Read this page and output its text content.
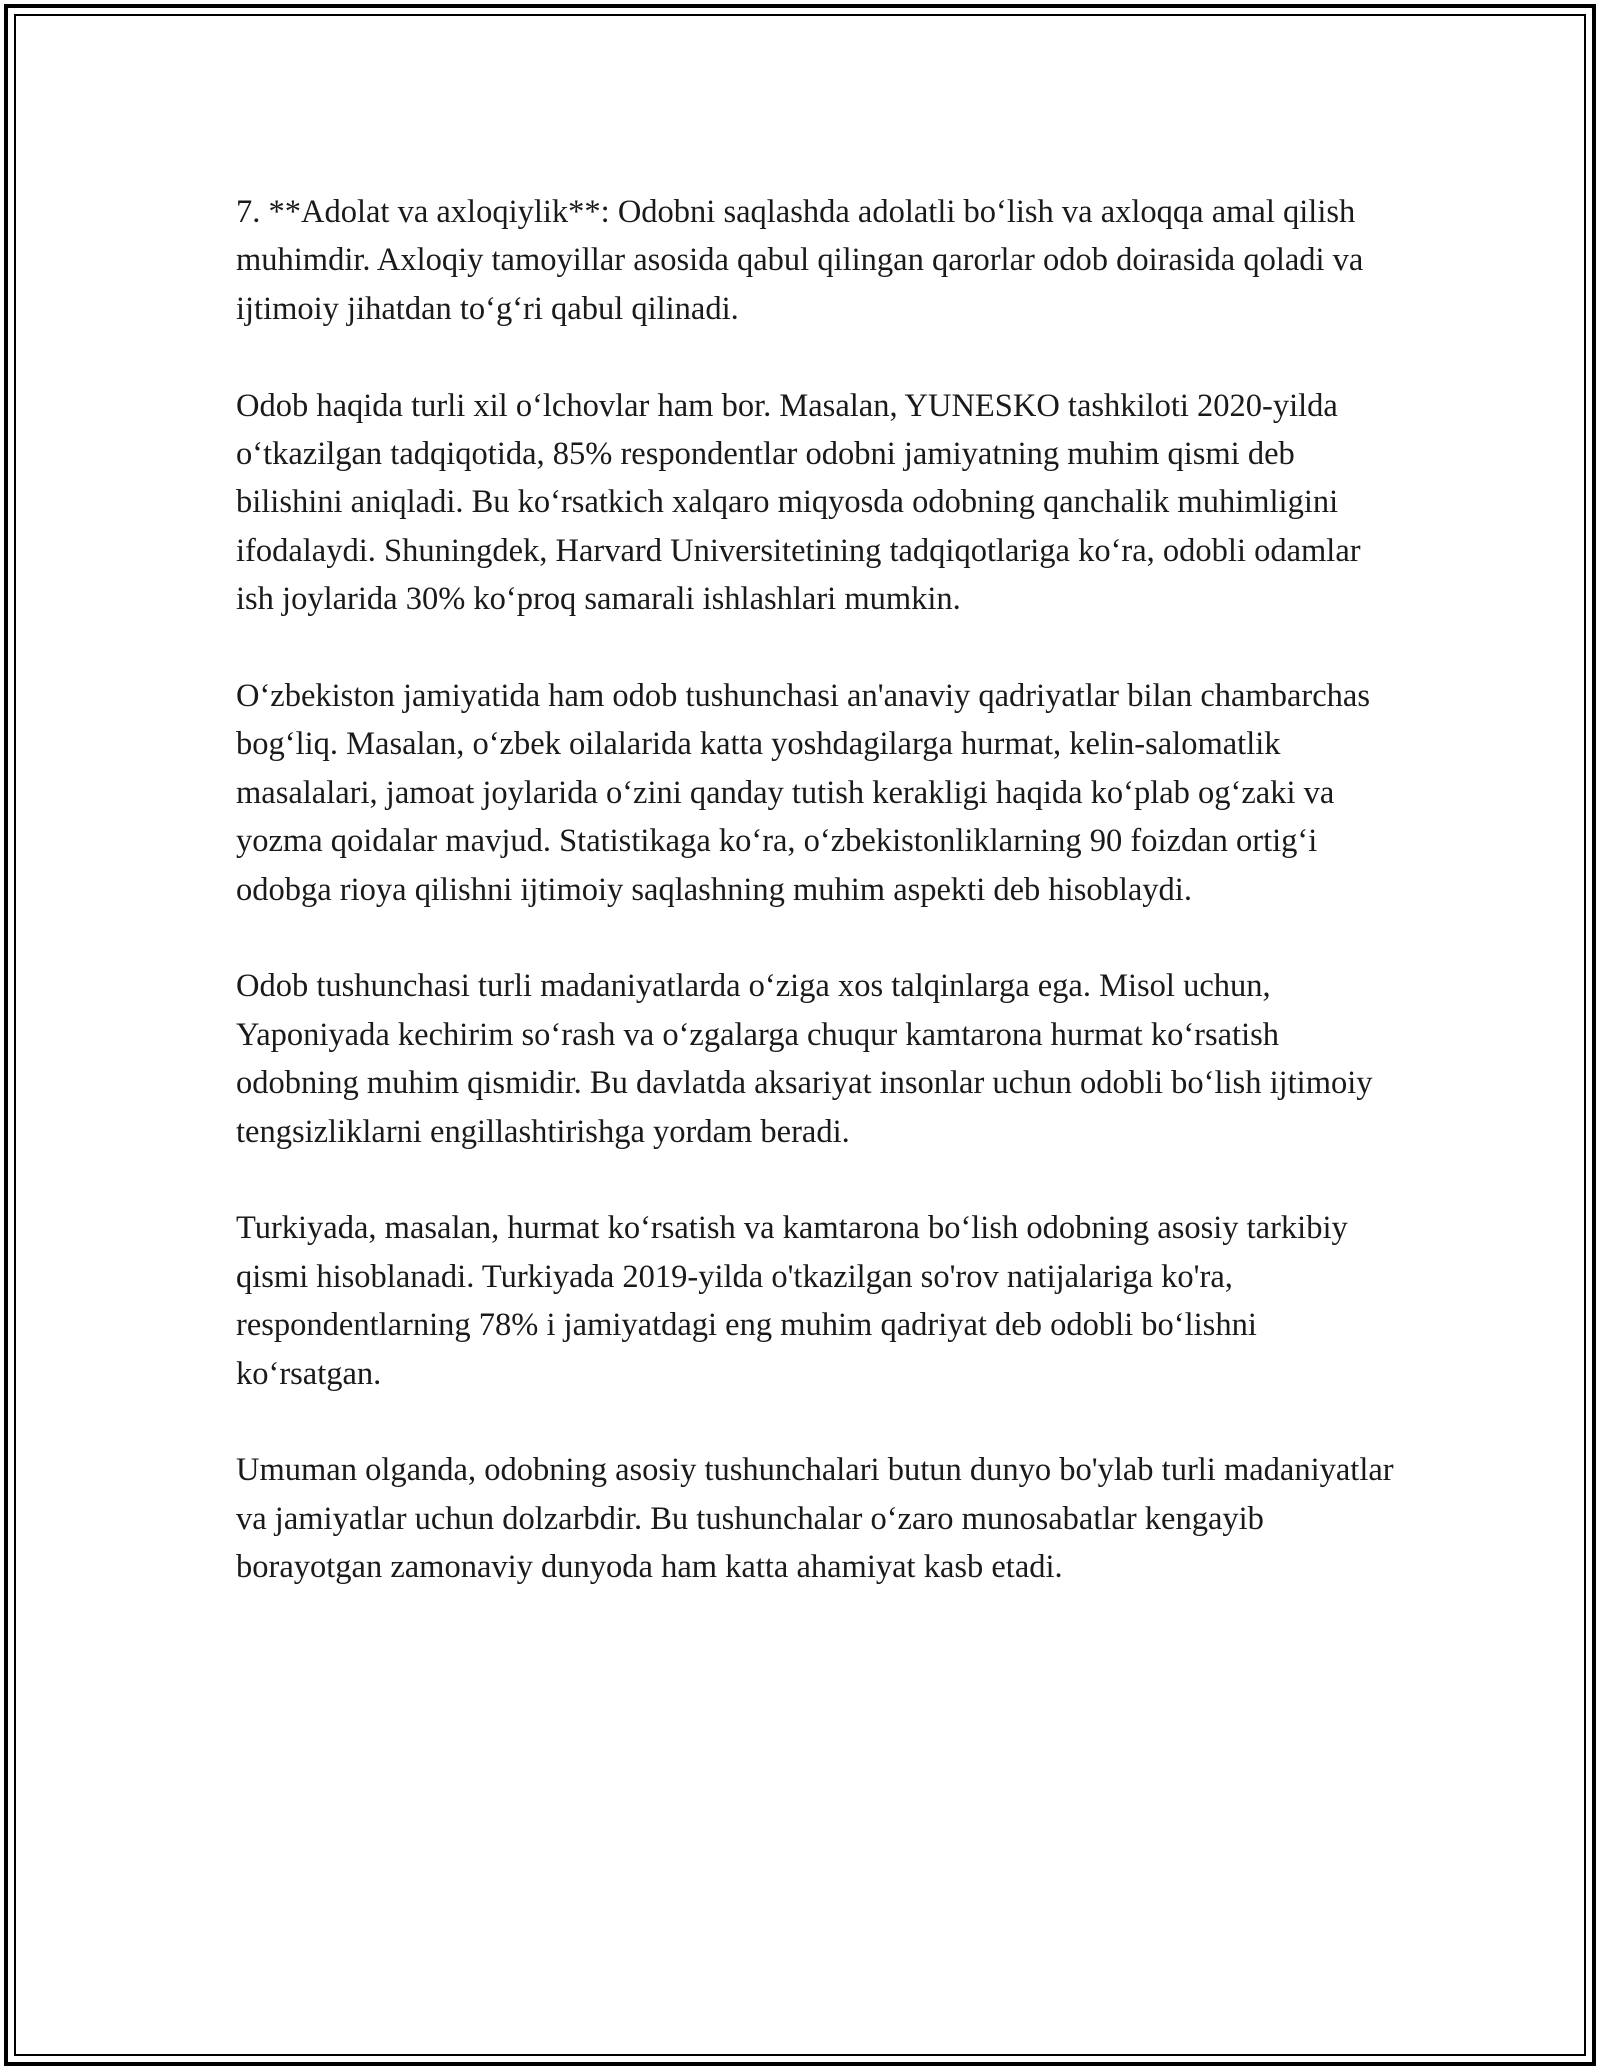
7. **Adolat va axloqiylik**: Odobni saqlashda adolatli bo‘lish va axloqqa amal qilish muhimdir. Axloqiy tamoyillar asosida qabul qilingan qarorlar odob doirasida qoladi va ijtimoiy jihatdan to‘g‘ri qabul qilinadi.

Odob haqida turli xil o‘lchovlar ham bor. Masalan, YUNESKO tashkiloti 2020-yilda o‘tkazilgan tadqiqotida, 85% respondentlar odobni jamiyatning muhim qismi deb bilishini aniqladi. Bu ko‘rsatkich xalqaro miqyosda odobning qanchalik muhimligini ifodalaydi. Shuningdek, Harvard Universitetining tadqiqotlariga ko‘ra, odobli odamlar ish joylarida 30% ko‘proq samarali ishlashlari mumkin.

O‘zbekiston jamiyatida ham odob tushunchasi an'anaviy qadriyatlar bilan chambarchas bog‘liq. Masalan, o‘zbek oilalarida katta yoshdagilarga hurmat, kelin-salomatlik masalalari, jamoat joylarida o‘zini qanday tutish kerakligi haqida ko‘plab og‘zaki va yozma qoidalar mavjud. Statistikaga ko‘ra, o‘zbekistonliklarning 90 foizdan ortig‘i odobga rioya qilishni ijtimoiy saqlashning muhim aspekti deb hisoblaydi.

Odob tushunchasi turli madaniyatlarda o‘ziga xos talqinlarga ega. Misol uchun, Yaponiyada kechirim so‘rash va o‘zgalarga chuqur kamtarona hurmat ko‘rsatish odobning muhim qismidir. Bu davlatda aksariyat insonlar uchun odobli bo‘lish ijtimoiy tengsizliklarni engillashtirishga yordam beradi.

Turkiyada, masalan, hurmat ko‘rsatish va kamtarona bo‘lish odobning asosiy tarkibiy qismi hisoblanadi. Turkiyada 2019-yilda o'tkazilgan so'rov natijalariga ko'ra, respondentlarning 78% i jamiyatdagi eng muhim qadriyat deb odobli bo‘lishni ko‘rsatgan.

Umuman olganda, odobning asosiy tushunchalari butun dunyo bo'ylab turli madaniyatlar va jamiyatlar uchun dolzarbdir. Bu tushunchalar o‘zaro munosabatlar kengayib borayotgan zamonaviy dunyoda ham katta ahamiyat kasb etadi.
